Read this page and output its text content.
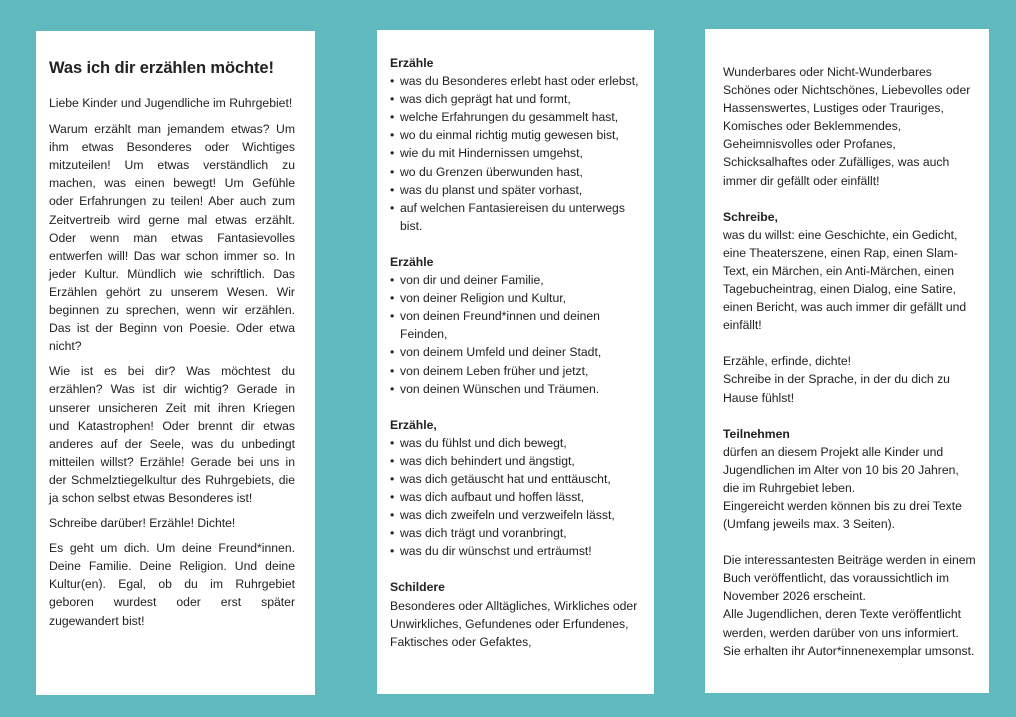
Was ich dir erzählen möchte!

Liebe Kinder und Jugendliche im Ruhrgebiet!

Warum erzählt man jemandem etwas? Um ihm etwas Besonderes oder Wichtiges mitzuteilen! Um etwas verständlich zu machen, was einen bewegt! Um Gefühle oder Erfahrungen zu teilen! Aber auch zum Zeitvertreib wird gerne mal etwas erzählt. Oder wenn man etwas Fantasievolles entwerfen will! Das war schon immer so. In jeder Kultur. Mündlich wie schriftlich. Das Erzählen gehört zu unserem Wesen. Wir beginnen zu sprechen, wenn wir erzählen. Das ist der Beginn von Poesie. Oder etwa nicht?

Wie ist es bei dir? Was möchtest du erzählen? Was ist dir wichtig? Gerade in unserer unsicheren Zeit mit ihren Kriegen und Katastrophen! Oder brennt dir etwas anderes auf der Seele, was du unbedingt mitteilen willst? Erzähle! Gerade bei uns in der Schmelztiegelkultur des Ruhrgebiets, die ja schon selbst etwas Besonderes ist!

Schreibe darüber! Erzähle! Dichte!

Es geht um dich. Um deine Freund*innen. Deine Familie. Deine Religion. Und deine Kultur(en). Egal, ob du im Ruhrgebiet geboren wurdest oder erst später zugewandert bist!

Erzähle

• was du Besonderes erlebt hast oder erlebst,
• was dich geprägt hat und formt,
• welche Erfahrungen du gesammelt hast,
• wo du einmal richtig mutig gewesen bist,
• wie du mit Hindernissen umgehst,
• wo du Grenzen überwunden hast,
• was du planst und später vorhast,
• auf welchen Fantasiereisen du unterwegs bist.

Erzähle

• von dir und deiner Familie,
• von deiner Religion und Kultur,
• von deinen Freund*innen und deinen Feinden,
• von deinem Umfeld und deiner Stadt,
• von deinem Leben früher und jetzt,
• von deinen Wünschen und Träumen.

Erzähle,

• was du fühlst und dich bewegt,
• was dich behindert und ängstigt,
• was dich getäuscht hat und enttäuscht,
• was dich aufbaut und hoffen lässt,
• was dich zweifeln und verzweifeln lässt,
• was dich trägt und voranbringt,
• was du dir wünschst und erträumst!

Schildere

Besonderes oder Alltägliches, Wirkliches oder Unwirkliches, Gefundenes oder Erfundenes, Faktisches oder Gefaktes,

Wunderbares oder Nicht-Wunderbares Schönes oder Nichtschönes, Liebevolles oder Hassenswertes, Lustiges oder Trauriges, Komisches oder Beklemmendes, Geheimnisvolles oder Profanes, Schicksalhaftes oder Zufälliges, was auch immer dir gefällt oder einfällt!

Schreibe,

was du willst: eine Geschichte, ein Gedicht, eine Theaterszene, einen Rap, einen Slam-Text, ein Märchen, ein Anti-Märchen, einen Tagebucheintrag, einen Dialog, eine Satire, einen Bericht, was auch immer dir gefällt und einfällt!

Erzähle, erfinde, dichte!

Schreibe in der Sprache, in der du dich zu Hause fühlst!

Teilnehmen

dürfen an diesem Projekt alle Kinder und Jugendlichen im Alter von 10 bis 20 Jahren, die im Ruhrgebiet leben.

Eingereicht werden können bis zu drei Texte (Umfang jeweils max. 3 Seiten).

Die interessantesten Beiträge werden in einem Buch veröffentlicht, das voraussichtlich im November 2026 erscheint.

Alle Jugendlichen, deren Texte veröffentlicht werden, werden darüber von uns informiert. Sie erhalten ihr Autor*innenexemplar umsonst.
